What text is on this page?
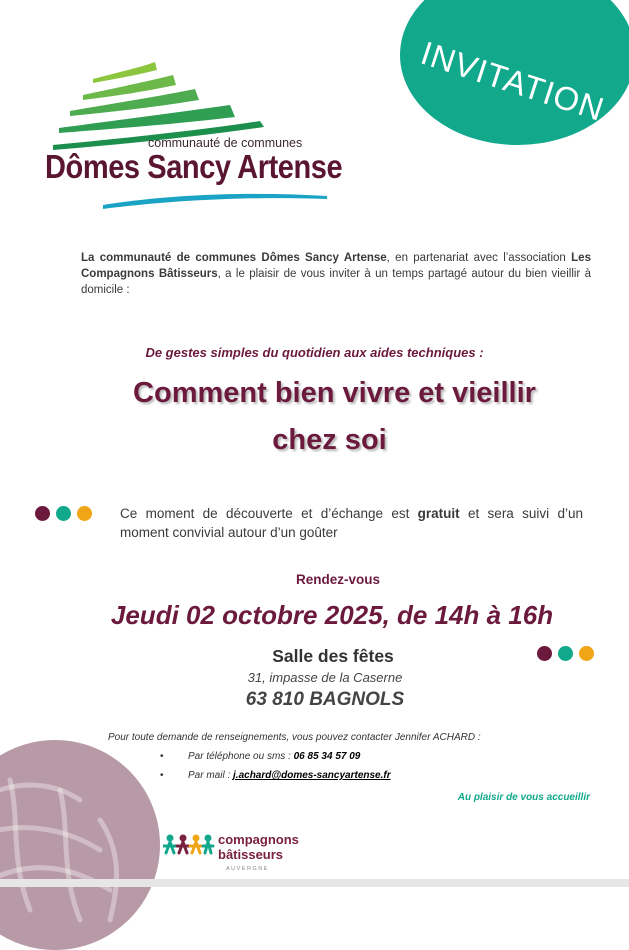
INVITATION
communauté de communes
Dômes Sancy Artense
La communauté de communes Dômes Sancy Artense, en partenariat avec l’association Les Compagnons Bâtisseurs, a le plaisir de vous inviter à un temps partagé autour du bien vieillir à domicile :
De gestes simples du quotidien aux aides techniques :
Comment bien vivre et vieillir
chez soi
Ce moment de découverte et d’échange est gratuit et sera suivi d’un moment convivial autour d’un goûter
Rendez-vous
Jeudi 02 octobre 2025, de 14h à 16h
Salle des fêtes
31, impasse de la Caserne
63 810 BAGNOLS
Pour toute demande de renseignements, vous pouvez contacter Jennifer ACHARD :
• Par téléphone ou sms : 06 85 34 57 09
• Par mail : j.achard@domes-sancyartense.fr
Au plaisir de vous accueillir
compagnons
bâtisseurs
AUVERGNE
